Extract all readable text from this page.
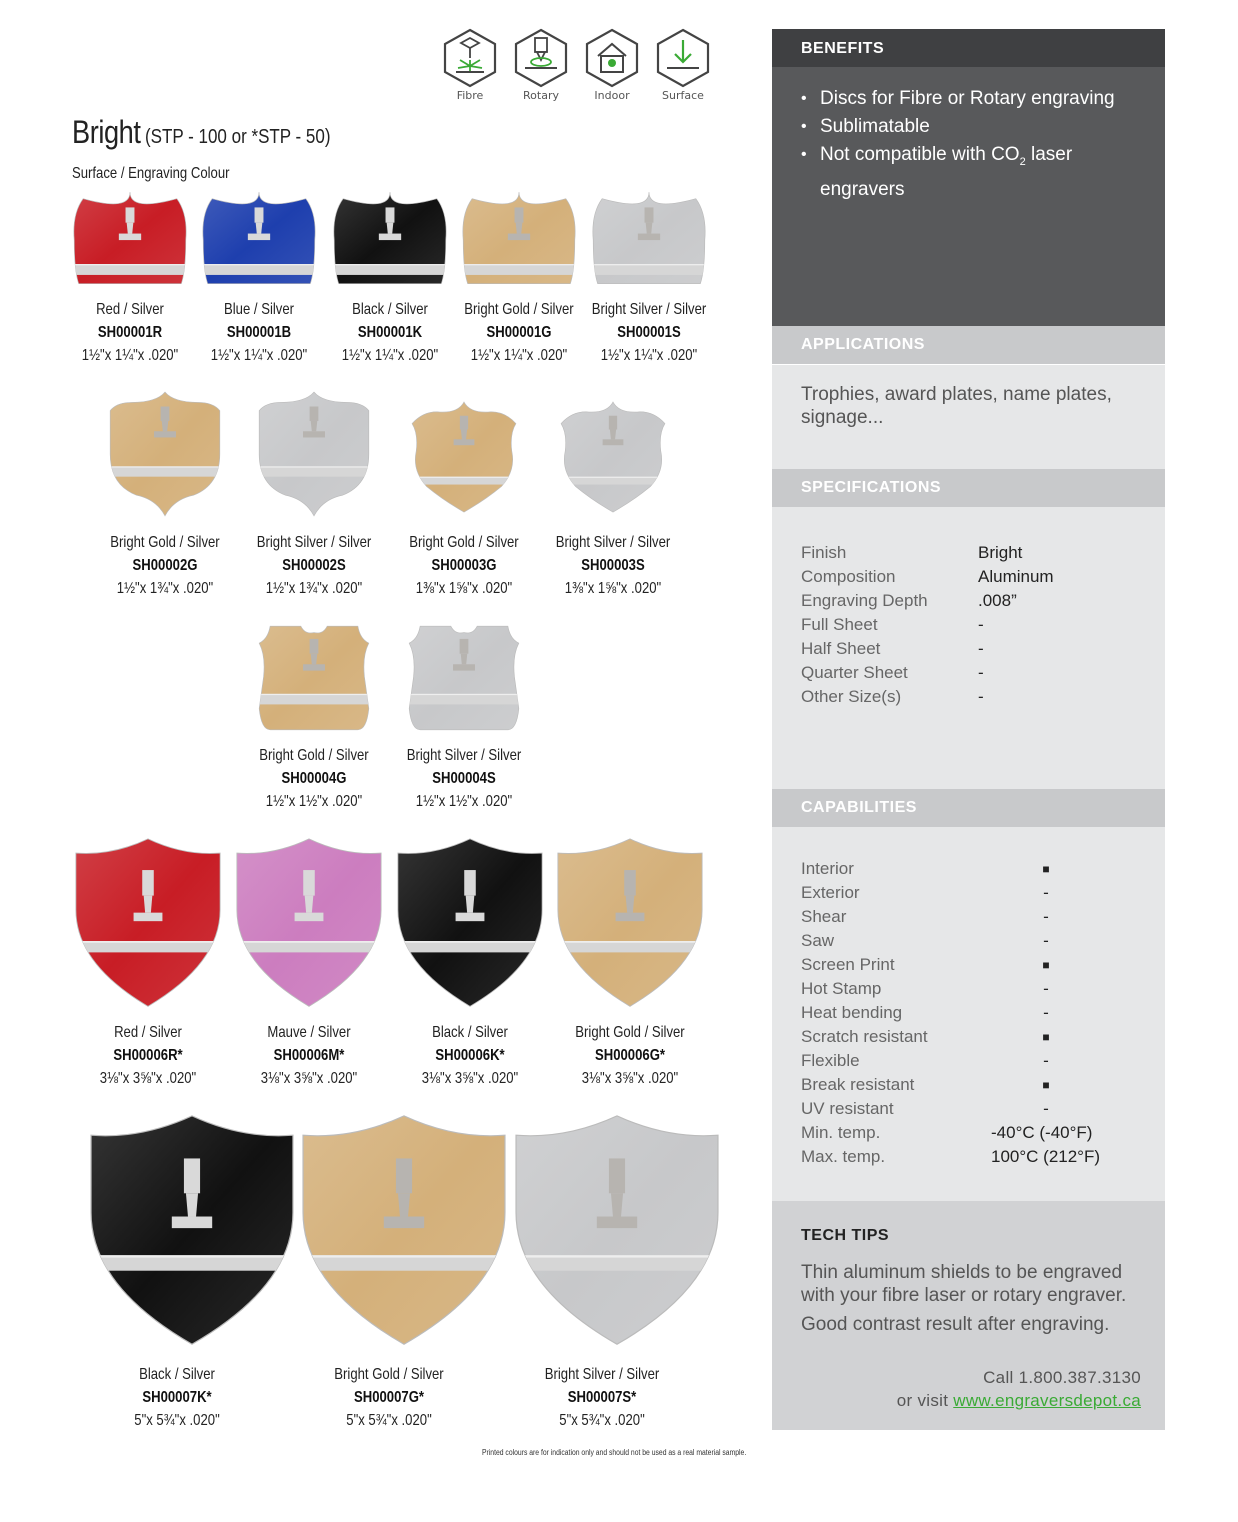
Fibre	Rotary	Indoor	Surface
Bright (STP - 100 or *STP - 50)
Surface / Engraving Colour
Red / Silver
SH00001R
1½"x 1¼"x .020"
Blue / Silver
SH00001B
1½"x 1¼"x .020"
Black / Silver
SH00001K
1½"x 1¼"x .020"
Bright Gold / Silver
SH00001G
1½"x 1¼"x .020"
Bright Silver / Silver
SH00001S
1½"x 1¼"x .020"
Bright Gold / Silver
SH00002G
1½"x 1¾"x .020"
Bright Silver / Silver
SH00002S
1½"x 1¾"x .020"
Bright Gold / Silver
SH00003G
1⅜"x 1⅝"x .020"
Bright Silver / Silver
SH00003S
1⅜"x 1⅝"x .020"
Bright Gold / Silver
SH00004G
1½"x 1½"x .020"
Bright Silver / Silver
SH00004S
1½"x 1½"x .020"
Red / Silver
SH00006R*
3⅛"x 3⅝"x .020"
Mauve / Silver
SH00006M*
3⅛"x 3⅝"x .020"
Black / Silver
SH00006K*
3⅛"x 3⅝"x .020"
Bright Gold / Silver
SH00006G*
3⅛"x 3⅝"x .020"
Black / Silver
SH00007K*
5"x 5¾"x .020"
Bright Gold / Silver
SH00007G*
5"x 5¾"x .020"
Bright Silver / Silver
SH00007S*
5"x 5¾"x .020"
Printed colours are for indication only and should not be used as a real material sample.
BENEFITS
• Discs for Fibre or Rotary engraving
• Sublimatable
• Not compatible with $CO_2$ laser engravers
APPLICATIONS
Trophies, award plates, name plates, signage...
SPECIFICATIONS
Finish	Bright
Composition	Aluminum
Engraving Depth	.008”
Full Sheet	-
Half Sheet	-
Quarter Sheet	-
Other Size(s)	-
CAPABILITIES
Interior	■
Exterior	-
Shear	-
Saw	-
Screen Print	■
Hot Stamp	-
Heat bending	-
Scratch resistant	■
Flexible	-
Break resistant	■
UV resistant	-
Min. temp.	-40°C (-40°F)
Max. temp.	100°C (212°F)
TECH TIPS

Thin aluminum shields to be engraved with your fibre laser or rotary engraver.

Good contrast result after engraving.

Call 1.800.387.3130
or visit www.engraversdepot.ca
